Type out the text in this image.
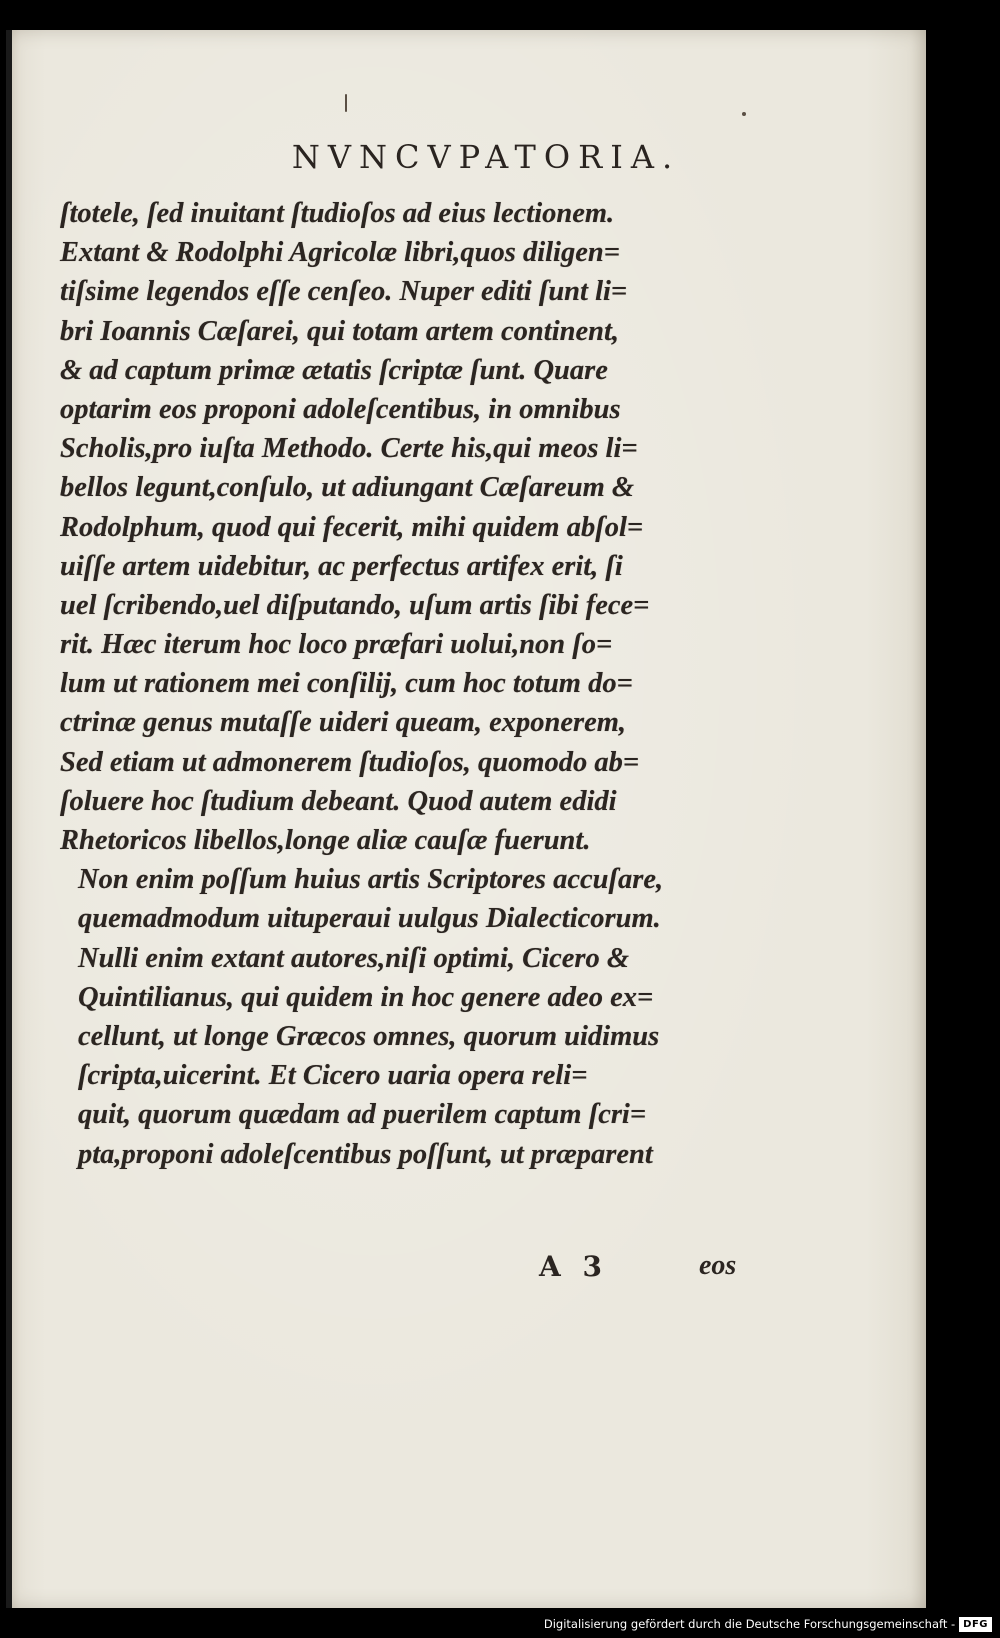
NVNCVPATORIA.
ſtotele, ſed inuitant ſtudioſos ad eius lectionem.
Extant & Rodolphi Agricolæ libri,quos diligen=
tiſsime legendos eſſe cenſeo. Nuper editi ſunt li=
bri Ioannis Cæſarei, qui totam artem continent,
& ad captum primæ ætatis ſcriptæ ſunt. Quare
optarim eos proponi adoleſcentibus, in omnibus
Scholis,pro iuſta Methodo. Certe his,qui meos li=
bellos legunt,conſulo, ut adiungant Cæſareum &
Rodolphum, quod qui fecerit, mihi quidem abſol=
uiſſe artem uidebitur, ac perfectus artifex erit, ſi
uel ſcribendo,uel diſputando, uſum artis ſibi fece=
rit. Hæc iterum hoc loco præfari uolui,non ſo=
lum ut rationem mei conſilij, cum hoc totum do=
ctrinæ genus mutaſſe uideri queam, exponerem,
Sed etiam ut admonerem ſtudioſos, quomodo ab=
ſoluere hoc ſtudium debeant. Quod autem edidi
Rhetoricos libellos,longe aliæ cauſæ fuerunt.
Non enim poſſum huius artis Scriptores accuſare,
quemadmodum uituperaui uulgus Dialecticorum.
Nulli enim extant autores,niſi optimi, Cicero &
Quintilianus, qui quidem in hoc genere adeo ex=
cellunt, ut longe Græcos omnes, quorum uidimus
ſcripta,uicerint. Et Cicero uaria opera reli=
quit, quorum quædam ad puerilem captum ſcri=
pta,proponi adoleſcentibus poſſunt, ut præparent
A 3	eos
Digitalisierung gefördert durch die Deutsche Forschungsgemeinschaft - DFG
